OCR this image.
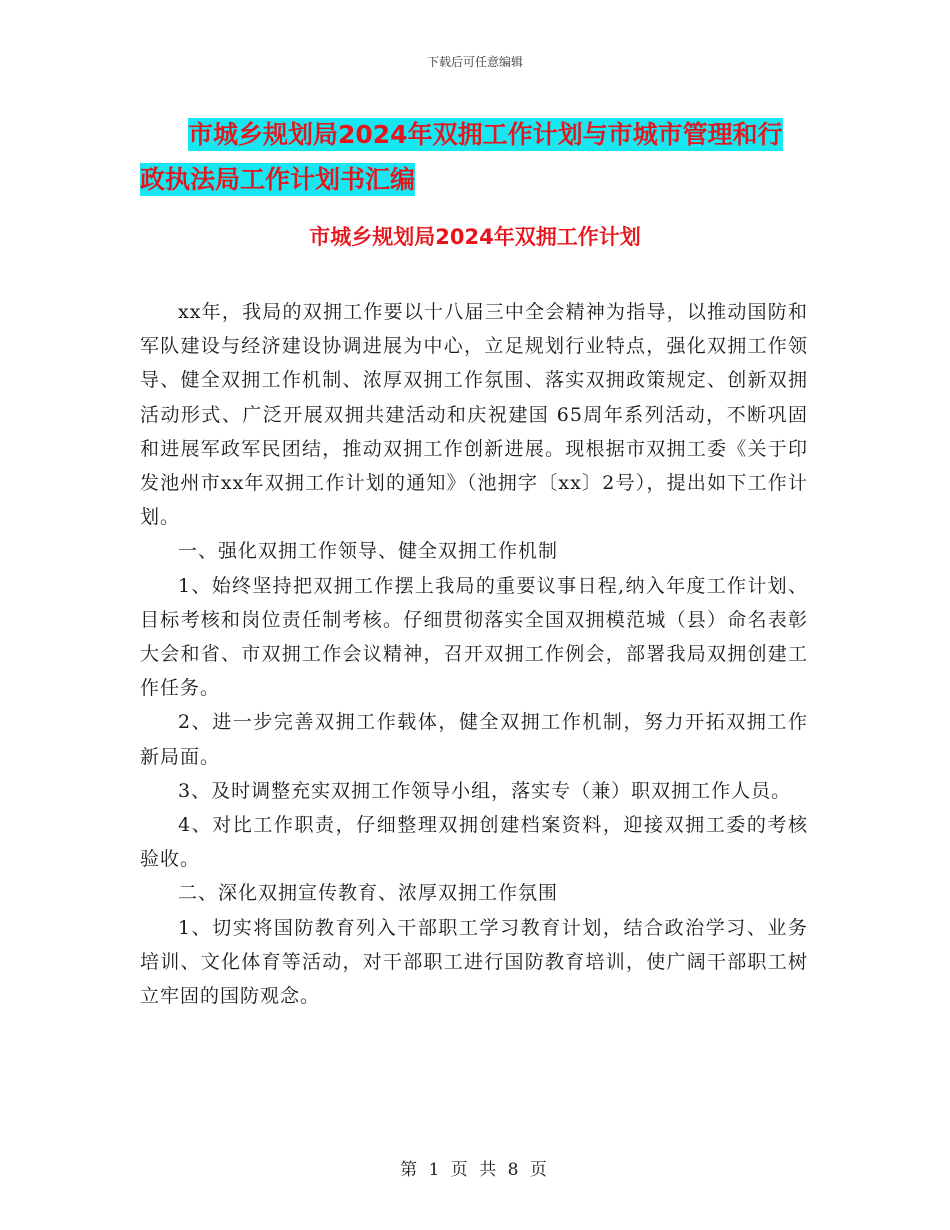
下载后可任意编辑
市城乡规划局2024年双拥工作计划与市城市管理和行
政执法局工作计划书汇编
市城乡规划局2024年双拥工作计划

xx年，我局的双拥工作要以十八届三中全会精神为指导，以推动国防和军队建设与经济建设协调进展为中心，立足规划行业特点，强化双拥工作领导、健全双拥工作机制、浓厚双拥工作氛围、落实双拥政策规定、创新双拥活动形式、广泛开展双拥共建活动和庆祝建国 65周年系列活动，不断巩固和进展军政军民团结，推动双拥工作创新进展。现根据市双拥工委《关于印发池州市xx年双拥工作计划的通知》（池拥字〔xx〕2号），提出如下工作计划。

一、强化双拥工作领导、健全双拥工作机制

1、始终坚持把双拥工作摆上我局的重要议事日程,纳入年度工作计划、目标考核和岗位责任制考核。仔细贯彻落实全国双拥模范城（县）命名表彰大会和省、市双拥工作会议精神，召开双拥工作例会，部署我局双拥创建工作任务。

2、进一步完善双拥工作载体，健全双拥工作机制，努力开拓双拥工作新局面。

3、及时调整充实双拥工作领导小组，落实专（兼）职双拥工作人员。

4、对比工作职责，仔细整理双拥创建档案资料，迎接双拥工委的考核验收。

二、深化双拥宣传教育、浓厚双拥工作氛围

1、切实将国防教育列入干部职工学习教育计划，结合政治学习、业务培训、文化体育等活动，对干部职工进行国防教育培训，使广阔干部职工树立牢固的国防观念。

第 1 页 共 8 页
